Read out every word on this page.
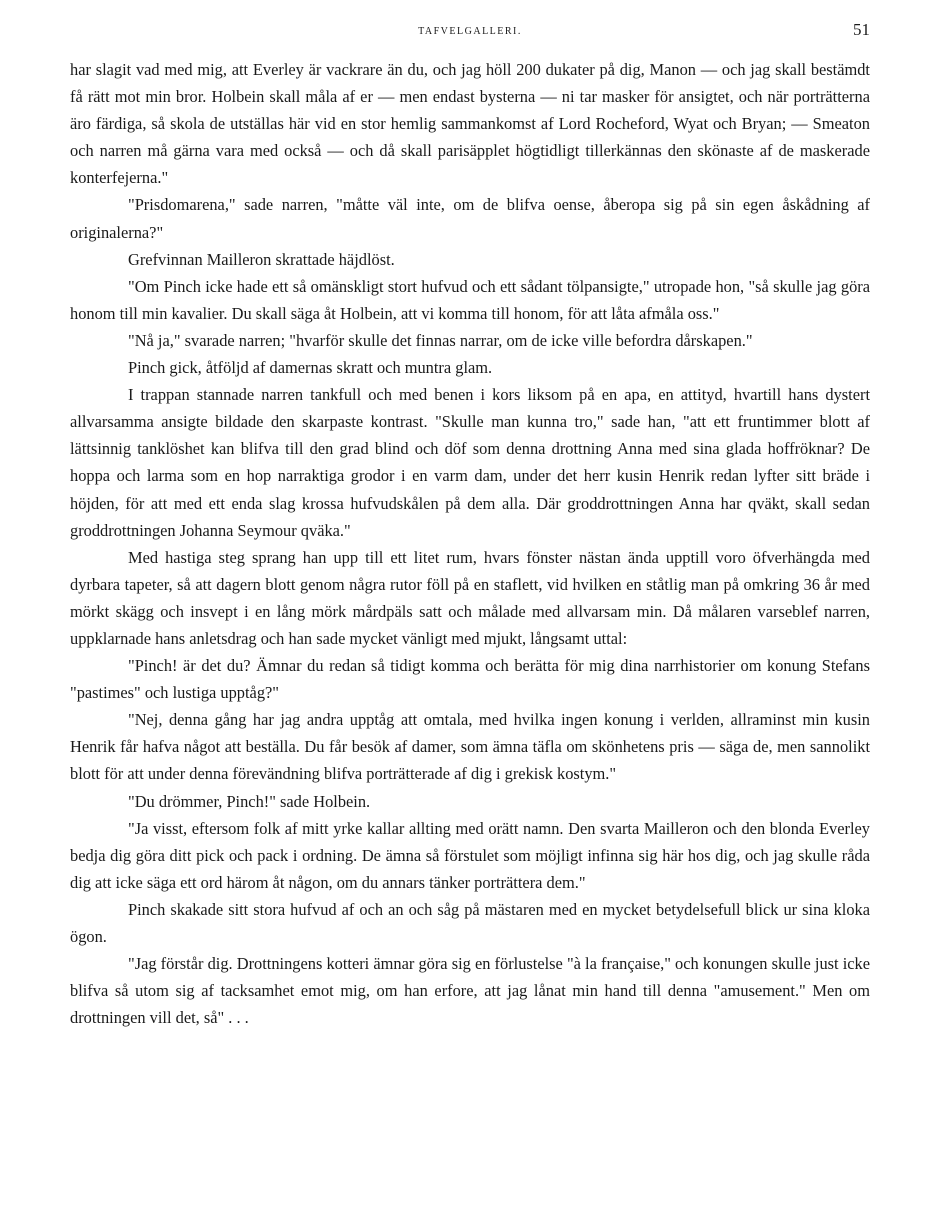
TAFVELGALLERI.	51

har slagit vad med mig, att Everley är vackrare än du, och jag höll 200 dukater på dig, Manon — och jag skall bestämdt få rätt mot min bror. Holbein skall måla af er — men endast bysterna — ni tar masker för ansigtet, och när porträtterna äro färdiga, så skola de utställas här vid en stor hemlig sammankomst af Lord Rocheford, Wyat och Bryan; — Smeaton och narren må gärna vara med också — och då skall parisäpplet högtidligt tillerkännas den skönaste af de maskerade konterfejerna."

"Prisdomarena," sade narren, "måtte väl inte, om de blifva oense, åberopa sig på sin egen åskådning af originalerna?"

Grefvinnan Mailleron skrattade häjdlöst.

"Om Pinch icke hade ett så omänskligt stort hufvud och ett sådant tölpansigte," utropade hon, "så skulle jag göra honom till min kavalier. Du skall säga åt Holbein, att vi komma till honom, för att låta afmåla oss."

"Nå ja," svarade narren; "hvarför skulle det finnas narrar, om de icke ville befordra dårskapen."

Pinch gick, åtföljd af damernas skratt och muntra glam.

I trappan stannade narren tankfull och med benen i kors liksom på en apa, en attityd, hvartill hans dystert allvarsamma ansigte bildade den skarpaste kontrast. "Skulle man kunna tro," sade han, "att ett fruntimmer blott af lättsinnig tanklöshet kan blifva till den grad blind och döf som denna drottning Anna med sina glada hoffröknar? De hoppa och larma som en hop narraktiga grodor i en varm dam, under det herr kusin Henrik redan lyfter sitt bräde i höjden, för att med ett enda slag krossa hufvudskålen på dem alla. Där groddrottningen Anna har qväkt, skall sedan groddrottningen Johanna Seymour qväka."

Med hastiga steg sprang han upp till ett litet rum, hvars fönster nästan ända upptill voro öfverhängda med dyrbara tapeter, så att dagern blott genom några rutor föll på en staflett, vid hvilken en ståtlig man på omkring 36 år med mörkt skägg och insvept i en lång mörk mårdpäls satt och målade med allvarsam min. Då målaren varseblef narren, uppklarnade hans anletsdrag och han sade mycket vänligt med mjukt, långsamt uttal:

"Pinch! är det du? Ämnar du redan så tidigt komma och berätta för mig dina narrhistorier om konung Stefans "pastimes" och lustiga upptåg?"

"Nej, denna gång har jag andra upptåg att omtala, med hvilka ingen konung i verlden, allraminst min kusin Henrik får hafva något att beställa. Du får besök af damer, som ämna täfla om skönhetens pris — säga de, men sannolikt blott för att under denna förevändning blifva porträtterade af dig i grekisk kostym."

"Du drömmer, Pinch!" sade Holbein.

"Ja visst, eftersom folk af mitt yrke kallar allting med orätt namn. Den svarta Mailleron och den blonda Everley bedja dig göra ditt pick och pack i ordning. De ämna så förstulet som möjligt infinna sig här hos dig, och jag skulle råda dig att icke säga ett ord härom åt någon, om du annars tänker porträttera dem."

Pinch skakade sitt stora hufvud af och an och såg på mästaren med en mycket betydelsefull blick ur sina kloka ögon.

"Jag förstår dig. Drottningens kotteri ämnar göra sig en förlustelse "à la française," och konungen skulle just icke blifva så utom sig af tacksamhet emot mig, om han erfore, att jag lånat min hand till denna "amusement." Men om drottningen vill det, så" . . .
